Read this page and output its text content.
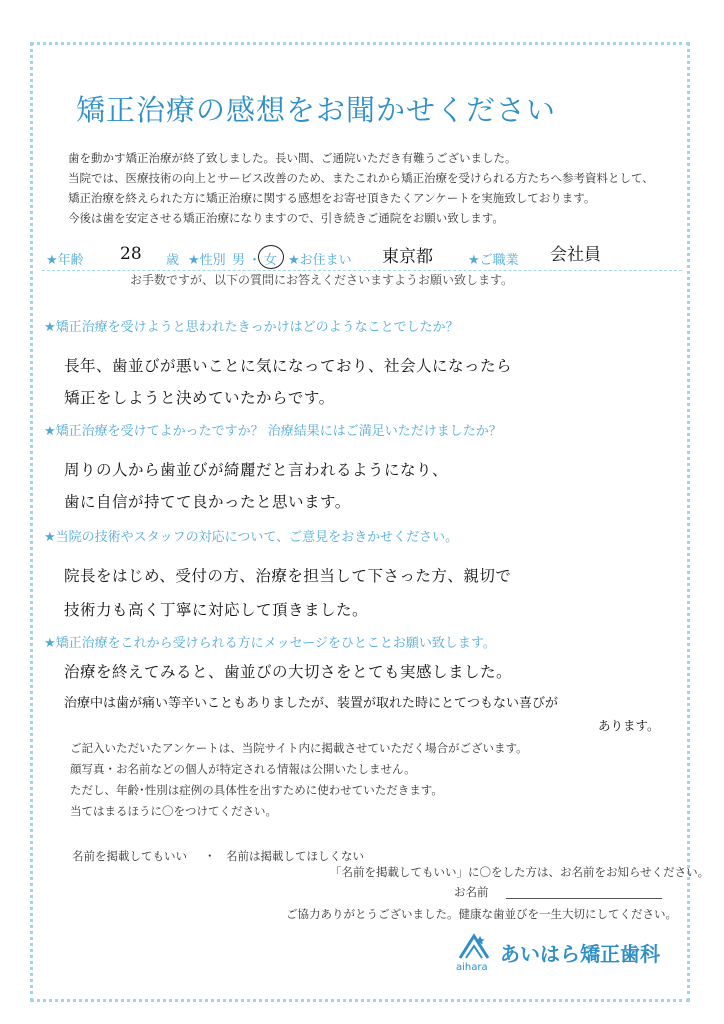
矯正治療の感想をお聞かせください
歯を動かす矯正治療が終了致しました。長い間、ご通院いただき有難うございました。
当院では、医療技術の向上とサービス改善のため、またこれから矯正治療を受けられる方たちへ参考資料として、
矯正治療を終えられた方に矯正治療に関する感想をお寄せ頂きたくアンケートを実施致しております。
今後は歯を安定させる矯正治療になりますので、引き続きご通院をお願い致します。
★年齢 28 歳 ★性別 男 ・ 女 ★お住まい 東京都	★ご職業 会社員
お手数ですが、以下の質問にお答えくださいますようお願い致します。
★矯正治療を受けようと思われたきっかけはどのようなことでしたか？
長年、歯並びが悪いことに気になっており、社会人になったら
矯正をしようと決めていたからです。
★矯正治療を受けてよかったですか？ 治療結果にはご満足いただけましたか？
周りの人から歯並びが綺麗だと言われるようになり、
歯に自信が持てて良かったと思います。
★当院の技術やスタッフの対応について、ご意見をおきかせください。
院長をはじめ、受付の方、治療を担当して下さった方、親切で
技術力も高く丁寧に対応して頂きました。
★矯正治療をこれから受けられる方にメッセージをひとことお願い致します。
治療を終えてみると、歯並びの大切さをとても実感しました。
治療中は歯が痛い等辛いこともありましたが、装置が取れた時にとてつもない喜びが
あります。
ご記入いただいたアンケートは、当院サイト内に掲載させていただく場合がございます。
顔写真・お名前などの個人が特定される情報は公開いたしません。
ただし、年齢･性別は症例の具体性を出すために使わせていただきます。
当てはまるほうに〇をつけてください。
名前を掲載してもいい ・ 名前は掲載してほしくない
「名前を掲載してもいい」に〇をした方は、お名前をお知らせください。
お名前
ご協力ありがとうございました。健康な歯並びを一生大切にしてください。
aihara
あいはら矯正歯科
